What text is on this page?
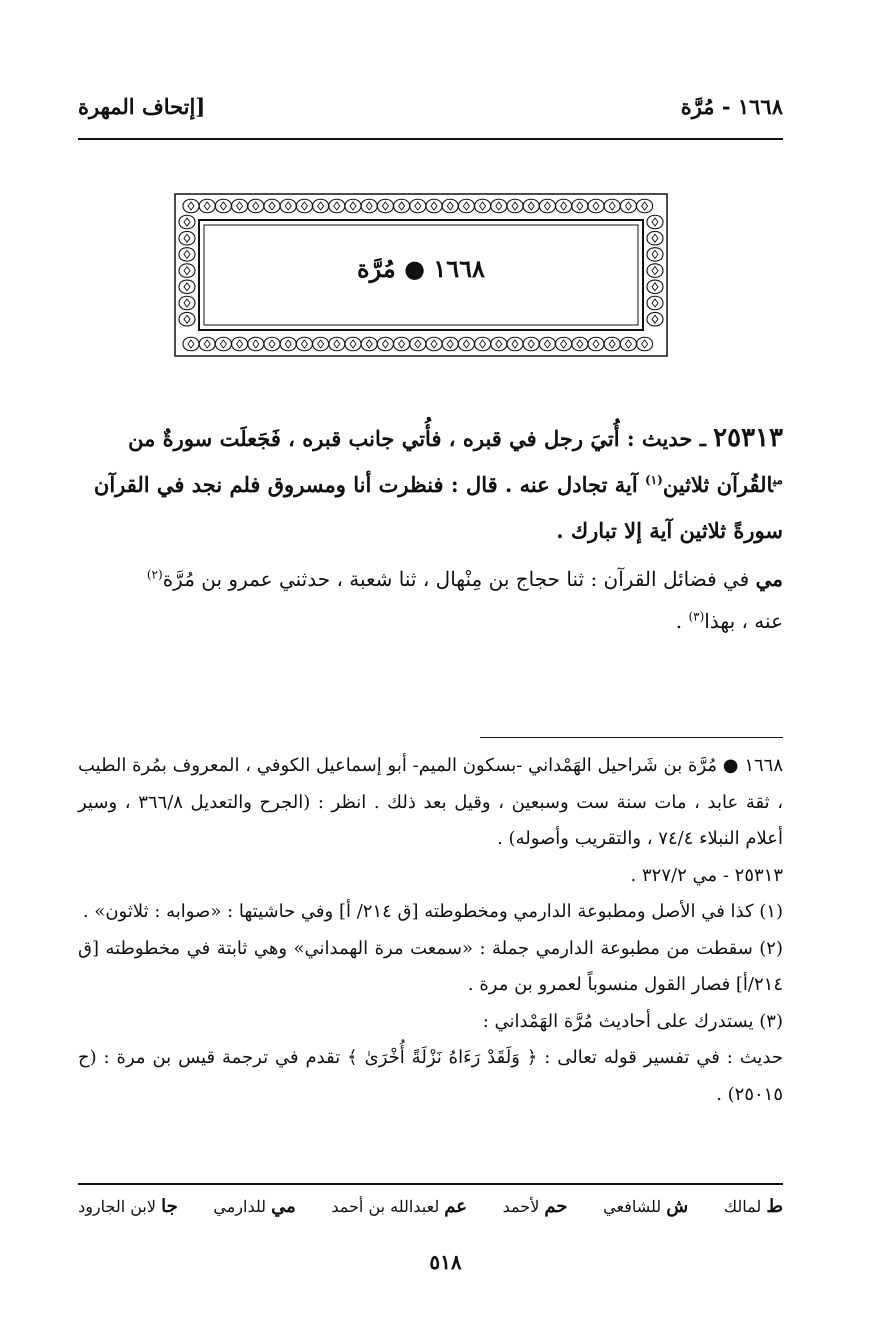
١٦٦٨ - مُرَّة
[إتحاف المهرة
١٦٦٨ ● مُرَّة
٢٥٣١٣ ـ حديث : أُتيَ رجل في قبره ، فأُتي جانب قبره ، فَجَعلَت سورةٌ من
$^{مي}$القُرآن ثلاثين$^{(١)}$ آية تجادل عنه . قال : فنظرت أنا ومسروق فلم نجد في القرآن
سورةً ثلاثين آية إلا تبارك .
مي في فضائل القرآن : ثنا حجاج بن مِنْهال ، ثنا شعبة ، حدثني عمرو بن مُرَّة$^{(٢)}$
عنه ، بهذا$^{(٣)}$ .

١٦٦٨ ● مُرَّة بن شَراحيل الهَمْداني -بسكون الميم- أبو إسماعيل الكوفي ، المعروف بمُرة الطيب ، ثقة عابد ، مات سنة ست وسبعين ، وقيل بعد ذلك . انظر : (الجرح والتعديل ٣٦٦/٨ ، وسير أعلام النبلاء ٧٤/٤ ، والتقريب وأصوله) .

٢٥٣١٣ - مي ٣٢٧/٢ .

(١) كذا في الأصل ومطبوعة الدارمي ومخطوطته [ق ٢١٤/ أ] وفي حاشيتها : «صوابه : ثلاثون» .

(٢) سقطت من مطبوعة الدارمي جملة : «سمعت مرة الهمداني» وهي ثابتة في مخطوطته [ق ٢١٤/أ] فصار القول منسوباً لعمرو بن مرة .

(٣) يستدرك على أحاديث مُرَّة الهَمْداني :

حديث : في تفسير قوله تعالى : ﴿ وَلَقَدْ رَءَاهُ نَزْلَةً أُخْرَىٰ ﴾ تقدم في ترجمة قيس بن مرة : (ح ٢٥٠١٥) .

ط لمالك
ش للشافعي
حم لأحمد
عم لعبدالله بن أحمد
مي للدارمي
جا لابن الجارود
٥١٨
